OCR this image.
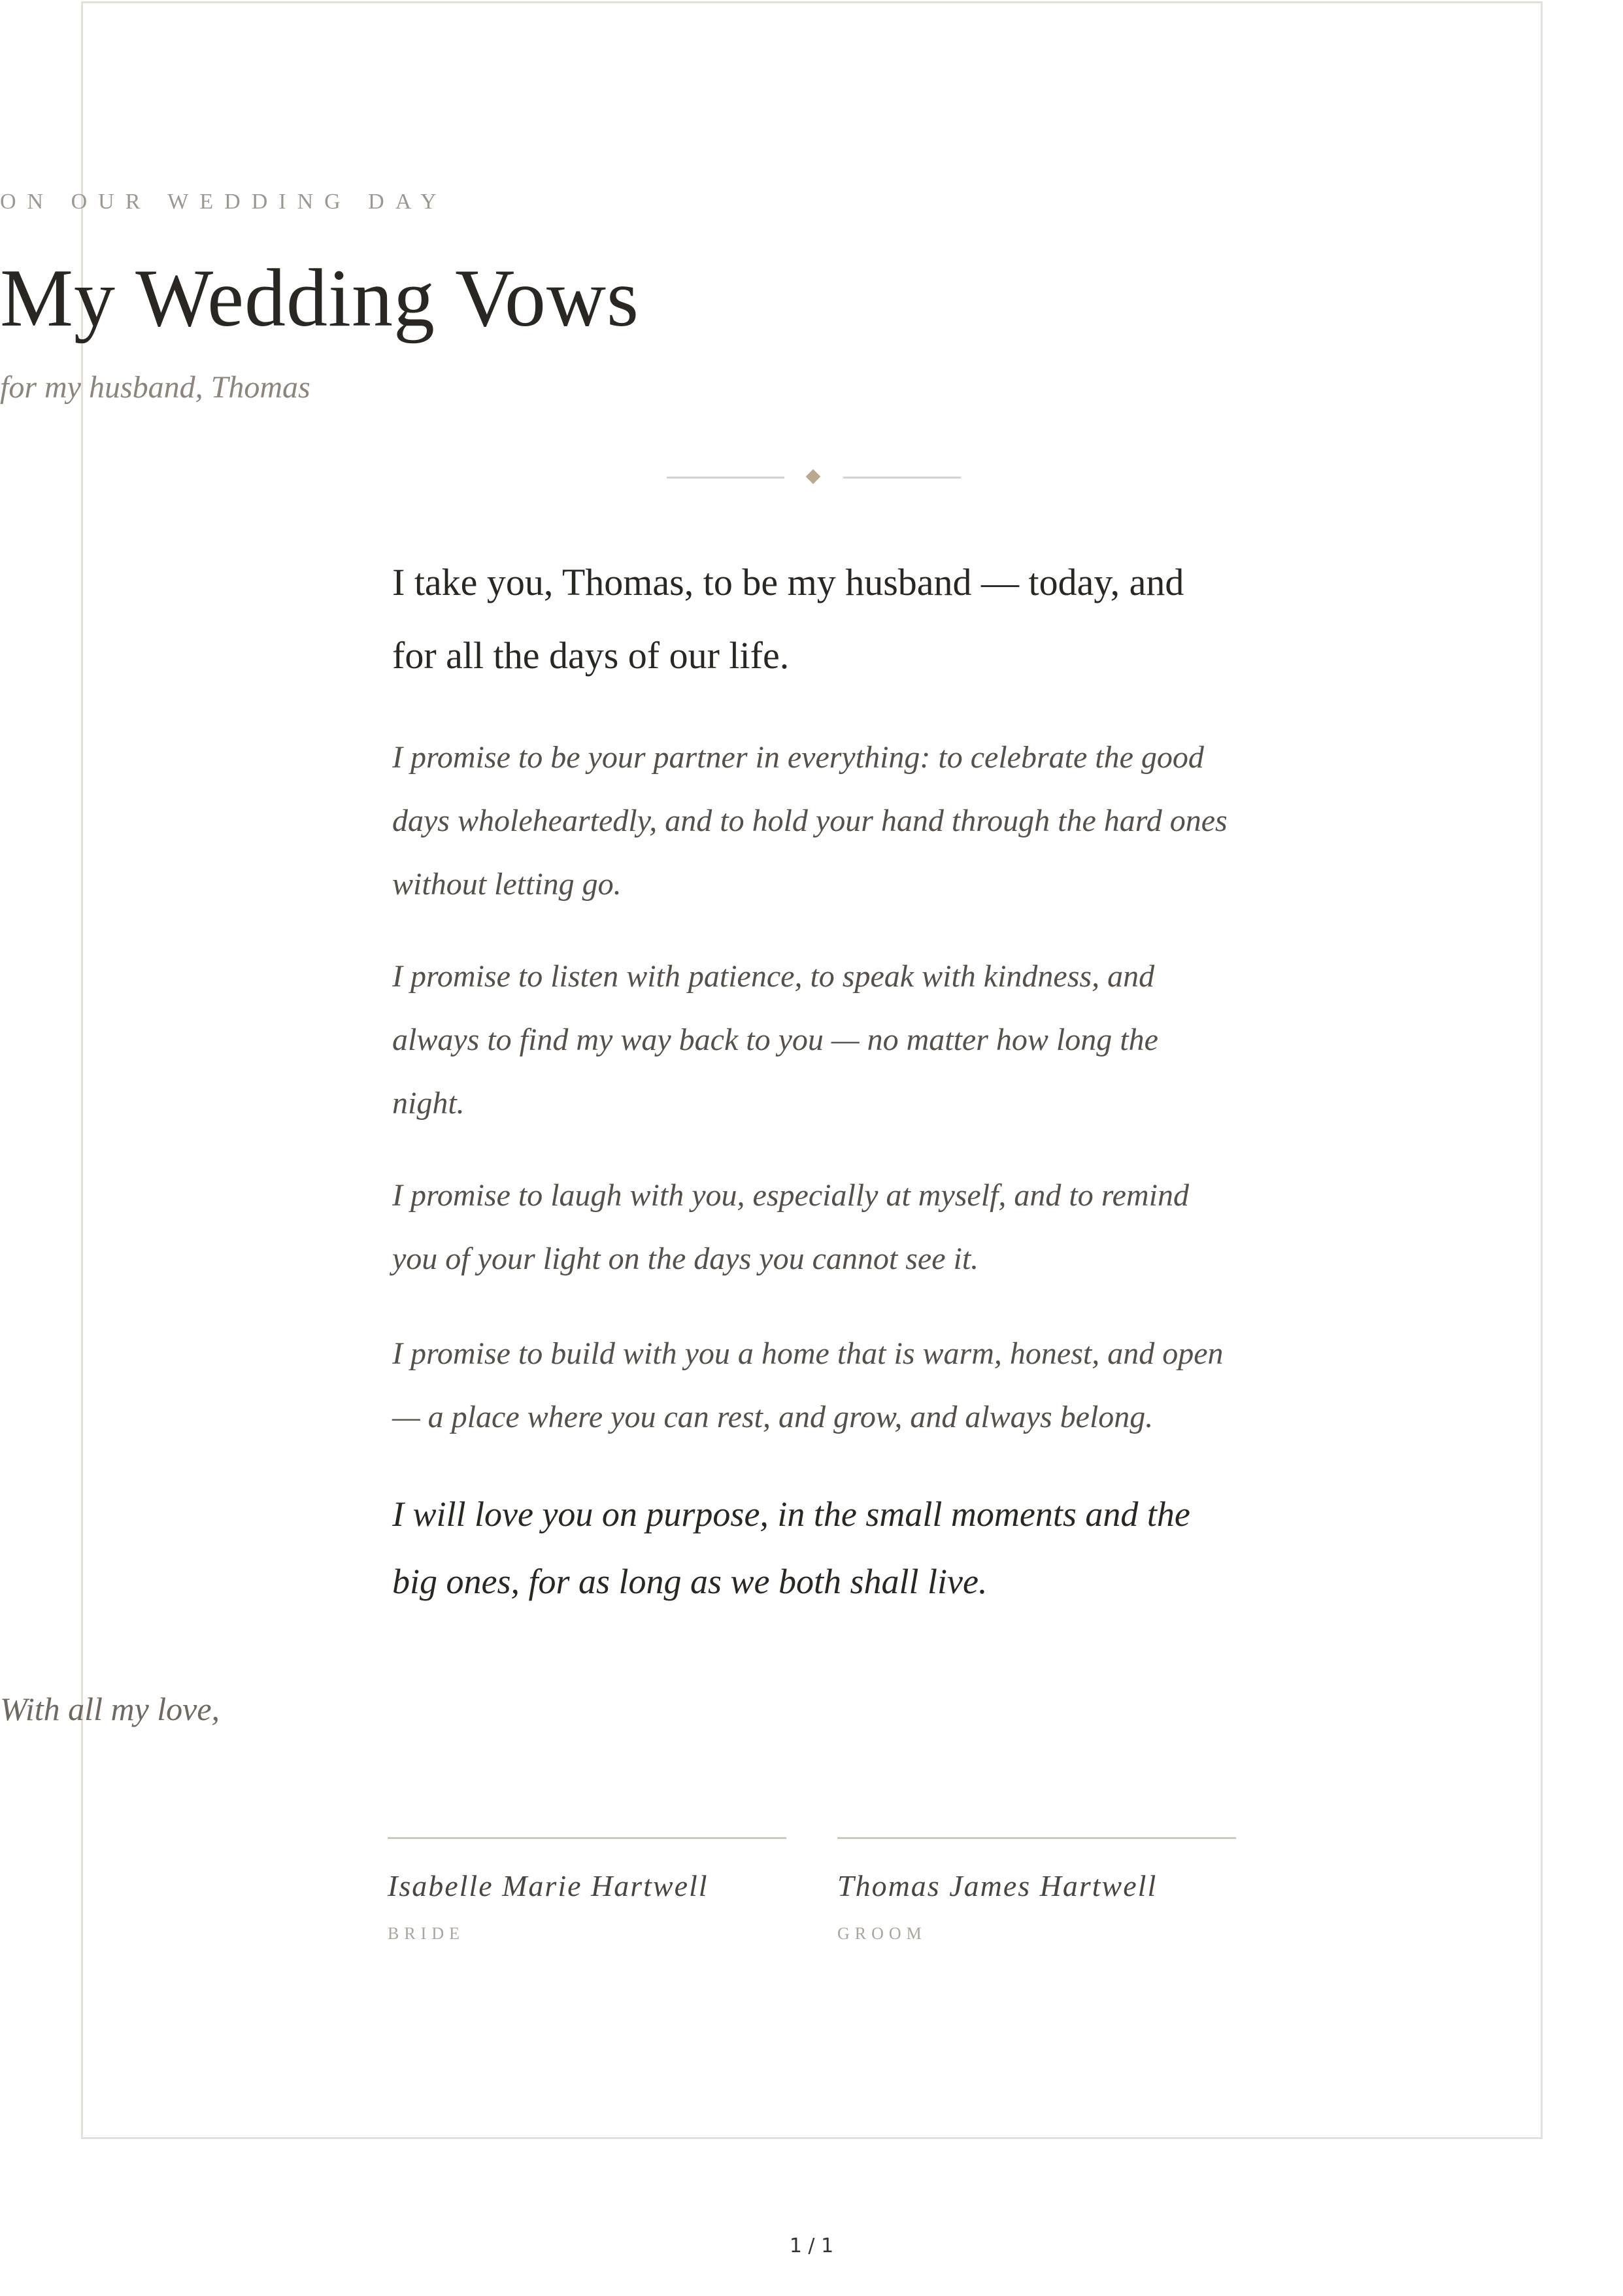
ON OUR WEDDING DAY
My Wedding Vows
for my husband, Thomas
I take you, Thomas, to be my husband — today, and for all the days of our life.
I promise to be your partner in everything: to celebrate the good days wholeheartedly, and to hold your hand through the hard ones without letting go.
I promise to listen with patience, to speak with kindness, and always to find my way back to you — no matter how long the night.
I promise to laugh with you, especially at myself, and to remind you of your light on the days you cannot see it.
I promise to build with you a home that is warm, honest, and open — a place where you can rest, and grow, and always belong.
I will love you on purpose, in the small moments and the big ones, for as long as we both shall live.
With all my love,
Isabelle Marie Hartwell
BRIDE
Thomas James Hartwell
GROOM
1 / 1
